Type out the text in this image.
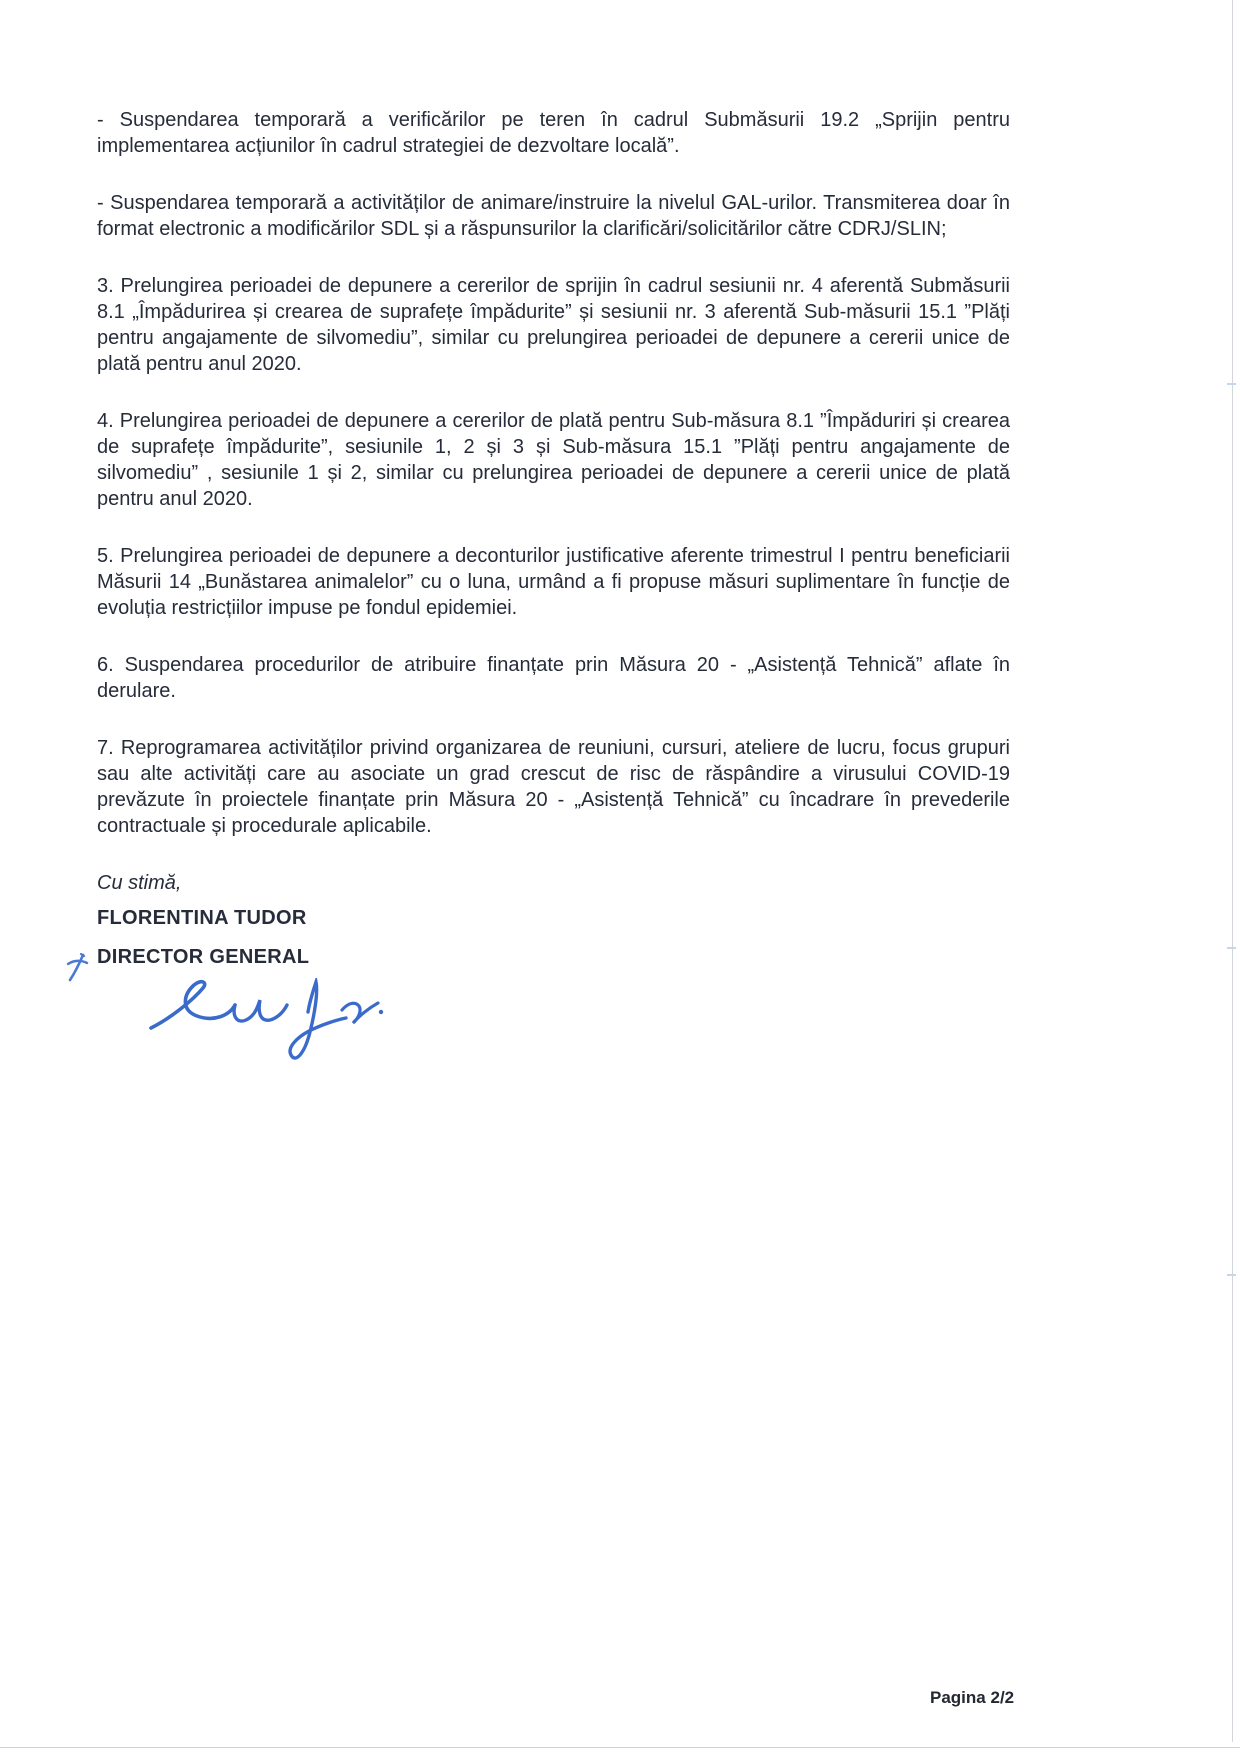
- Suspendarea temporară a verificărilor pe teren în cadrul Submăsurii 19.2 „Sprijin pentru implementarea acțiunilor în cadrul strategiei de dezvoltare locală”.

- Suspendarea temporară a activităților de animare/instruire la nivelul GAL-urilor. Transmiterea doar în format electronic a modificărilor SDL și a răspunsurilor la clarificări/solicitărilor către CDRJ/SLIN;

3. Prelungirea perioadei de depunere a cererilor de sprijin în cadrul sesiunii nr. 4 aferentă Submăsurii 8.1 „Împădurirea și crearea de suprafețe împădurite” și sesiunii nr. 3 aferentă Sub-măsurii 15.1 ”Plăți pentru angajamente de silvomediu”, similar cu prelungirea perioadei de depunere a cererii unice de plată pentru anul 2020.

4. Prelungirea perioadei de depunere a cererilor de plată pentru Sub-măsura 8.1 ”Împăduriri și crearea de suprafețe împădurite”, sesiunile 1, 2 și 3 și Sub-măsura 15.1 ”Plăți pentru angajamente de silvomediu” , sesiunile 1 și 2, similar cu prelungirea perioadei de depunere a cererii unice de plată pentru anul 2020.

5. Prelungirea perioadei de depunere a deconturilor justificative aferente trimestrul I pentru beneficiarii Măsurii 14 „Bunăstarea animalelor” cu o luna, urmând a fi propuse măsuri suplimentare în funcție de evoluția restricțiilor impuse pe fondul epidemiei.

6. Suspendarea procedurilor de atribuire finanțate prin Măsura 20 - „Asistență Tehnică” aflate în derulare.

7. Reprogramarea activităților privind organizarea de reuniuni, cursuri, ateliere de lucru, focus grupuri sau alte activități care au asociate un grad crescut de risc de răspândire a virusului COVID-19 prevăzute în proiectele finanțate prin Măsura 20 - „Asistență Tehnică” cu încadrare în prevederile contractuale și procedurale aplicabile.

Cu stimă,

FLORENTINA TUDOR

DIRECTOR GENERAL

Pagina 2/2
